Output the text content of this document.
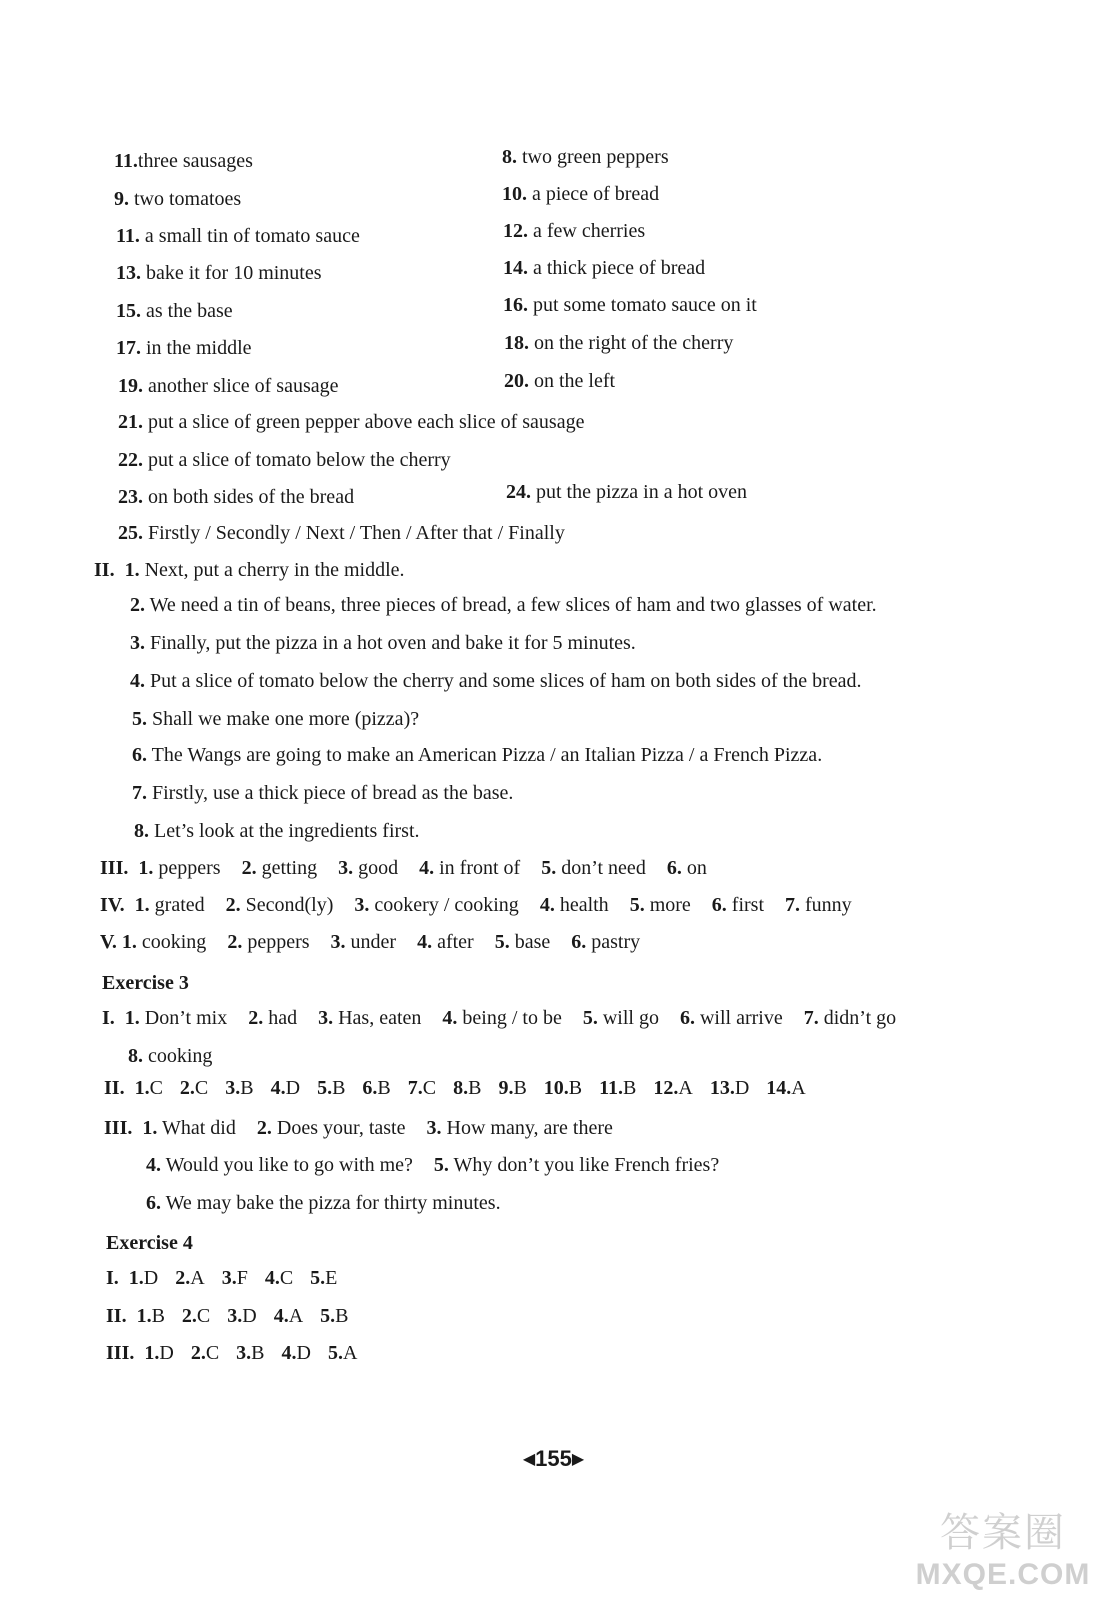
11.three sausages	8. two green peppers
9. two tomatoes	10. a piece of bread
11. a small tin of tomato sauce	12. a few cherries
13. bake it for 10 minutes	14. a thick piece of bread
15. as the base	16. put some tomato sauce on it
17. in the middle	18. on the right of the cherry
19. another slice of sausage	20. on the left
21. put a slice of green pepper above each slice of sausage
22. put a slice of tomato below the cherry
23. on both sides of the bread	24. put the pizza in a hot oven
25. Firstly / Secondly / Next / Then / After that / Finally
II. 1. Next, put a cherry in the middle.
2. We need a tin of beans, three pieces of bread, a few slices of ham and two glasses of water.
3. Finally, put the pizza in a hot oven and bake it for 5 minutes.
4. Put a slice of tomato below the cherry and some slices of ham on both sides of the bread.
5. Shall we make one more (pizza)?
6. The Wangs are going to make an American Pizza / an Italian Pizza / a French Pizza.
7. Firstly, use a thick piece of bread as the base.
8. Let’s look at the ingredients first.
III. 1. peppers 2. getting 3. good 4. in front of 5. don’t need 6. on
IV. 1. grated 2. Second(ly) 3. cookery / cooking 4. health 5. more 6. first 7. funny
V. 1. cooking 2. peppers 3. under 4. after 5. base 6. pastry
Exercise 3
I. 1. Don’t mix 2. had 3. Has, eaten 4. being / to be 5. will go 6. will arrive 7. didn’t go
8. cooking
II. 1.C 2.C 3.B 4.D 5.B 6.B 7.C 8.B 9.B 10.B 11.B 12.A 13.D 14.A
III. 1. What did 2. Does your, taste 3. How many, are there
4. Would you like to go with me? 5. Why don’t you like French fries?
6. We may bake the pizza for thirty minutes.
Exercise 4
I. 1.D 2.A 3.F 4.C 5.E
II. 1.B 2.C 3.D 4.A 5.B
III. 1.D 2.C 3.B 4.D 5.A
◀155▶
答案圈
MXQE.COM
